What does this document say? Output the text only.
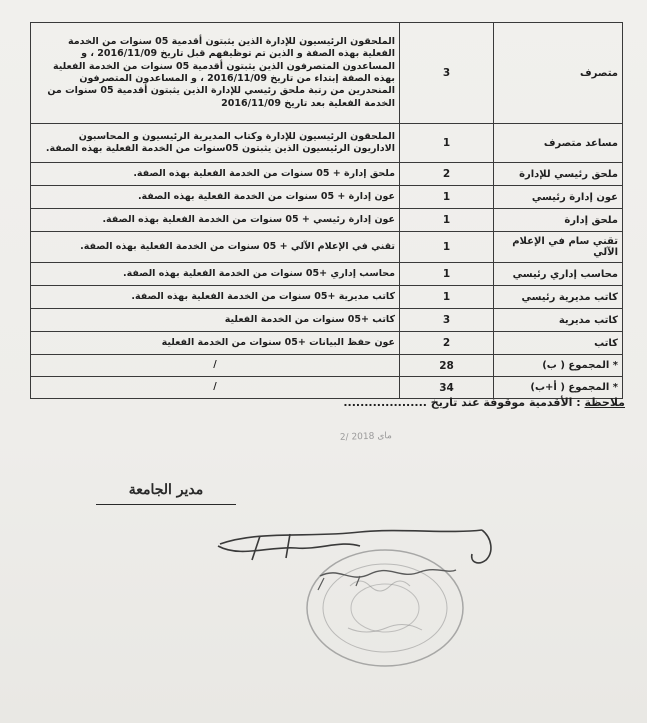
متصرف	3	الملحقون الرئيسيون للإدارة الذين يثبتون أقدمية 05 سنوات من الخدمة الفعلية بهذه الصفة و الذين تم توظيفهم قبل تاريخ 2016/11/09 ، و المساعدون المتصرفون الذين يثبتون أقدمية 05 سنوات من الخدمة الفعلية بهذه الصفة إبتداء من تاريخ 2016/11/09 ، و المساعدون المتصرفون المنحدرين من رتبة ملحق رئيسي للإدارة الذين يثبتون أقدمية 05 سنوات من الخدمة الفعلية بعد تاريخ 2016/11/09
مساعد متصرف	1	الملحقون الرئيسيون للإدارة وكتاب المديرية الرئيسيون و المحاسبون الاداريون الرئيسيون الذين يثبتون 05سنوات من الخدمة الفعلية بهذه الصفة.
ملحق رئيسي للإدارة	2	ملحق إدارة + 05 سنوات من الخدمة الفعلية بهذه الصفة.
عون إدارة رئيسي	1	عون إدارة + 05 سنوات من الخدمة الفعلية بهذه الصفة.
ملحق إدارة	1	عون إدارة رئيسي + 05 سنوات من الخدمة الفعلية بهذه الصفة.
تقني سام في الإعلام الآلي	1	تقني في الإعلام الآلي + 05 سنوات من الخدمة الفعلية بهذه الصفة.
محاسب إداري رئيسي	1	محاسب إداري +05 سنوات من الخدمة الفعلية بهذه الصفة.
كاتب مديرية رئيسي	1	كاتب مديرية +05 سنوات من الخدمة الفعلية بهذه الصفة.
كاتب مديرية	3	كاتب +05 سنوات من الخدمة الفعلية
كاتب	2	عون حفظ البيانات +05 سنوات من الخدمة الفعلية
* المجموع ( ب)	28	/
* المجموع ( أ+ب)	34	/
ملاحظة : الأقدمية موقوفة عند تاريخ ....................
2/ مای 2018
مدير الجامعة
